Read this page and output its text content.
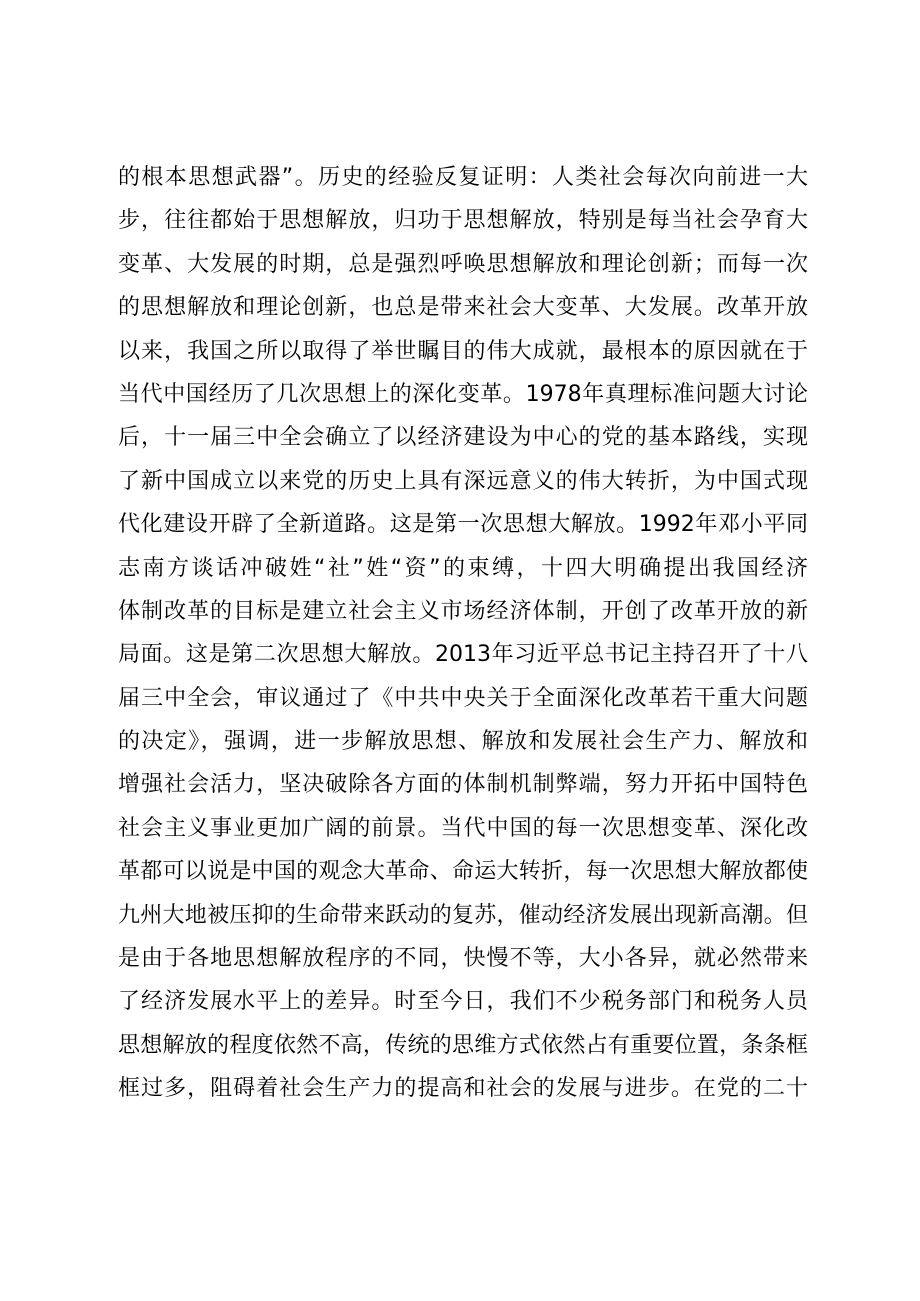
的根本思想武器”。历史的经验反复证明：人类社会每次向前进一大
步，往往都始于思想解放，归功于思想解放，特别是每当社会孕育大
变革、大发展的时期，总是强烈呼唤思想解放和理论创新；而每一次
的思想解放和理论创新，也总是带来社会大变革、大发展。改革开放
以来，我国之所以取得了举世瞩目的伟大成就，最根本的原因就在于
当代中国经历了几次思想上的深化变革。1978年真理标准问题大讨论
后，十一届三中全会确立了以经济建设为中心的党的基本路线，实现
了新中国成立以来党的历史上具有深远意义的伟大转折，为中国式现
代化建设开辟了全新道路。这是第一次思想大解放。1992年邓小平同
志南方谈话冲破姓“社”姓“资”的束缚，十四大明确提出我国经济
体制改革的目标是建立社会主义市场经济体制，开创了改革开放的新
局面。这是第二次思想大解放。2013年习近平总书记主持召开了十八
届三中全会，审议通过了《中共中央关于全面深化改革若干重大问题
的决定》，强调，进一步解放思想、解放和发展社会生产力、解放和
增强社会活力，坚决破除各方面的体制机制弊端，努力开拓中国特色
社会主义事业更加广阔的前景。当代中国的每一次思想变革、深化改
革都可以说是中国的观念大革命、命运大转折，每一次思想大解放都使
九州大地被压抑的生命带来跃动的复苏，催动经济发展出现新高潮。但
是由于各地思想解放程序的不同，快慢不等，大小各异，就必然带来
了经济发展水平上的差异。时至今日，我们不少税务部门和税务人员
思想解放的程度依然不高，传统的思维方式依然占有重要位置，条条框
框过多，阻碍着社会生产力的提高和社会的发展与进步。在党的二十
